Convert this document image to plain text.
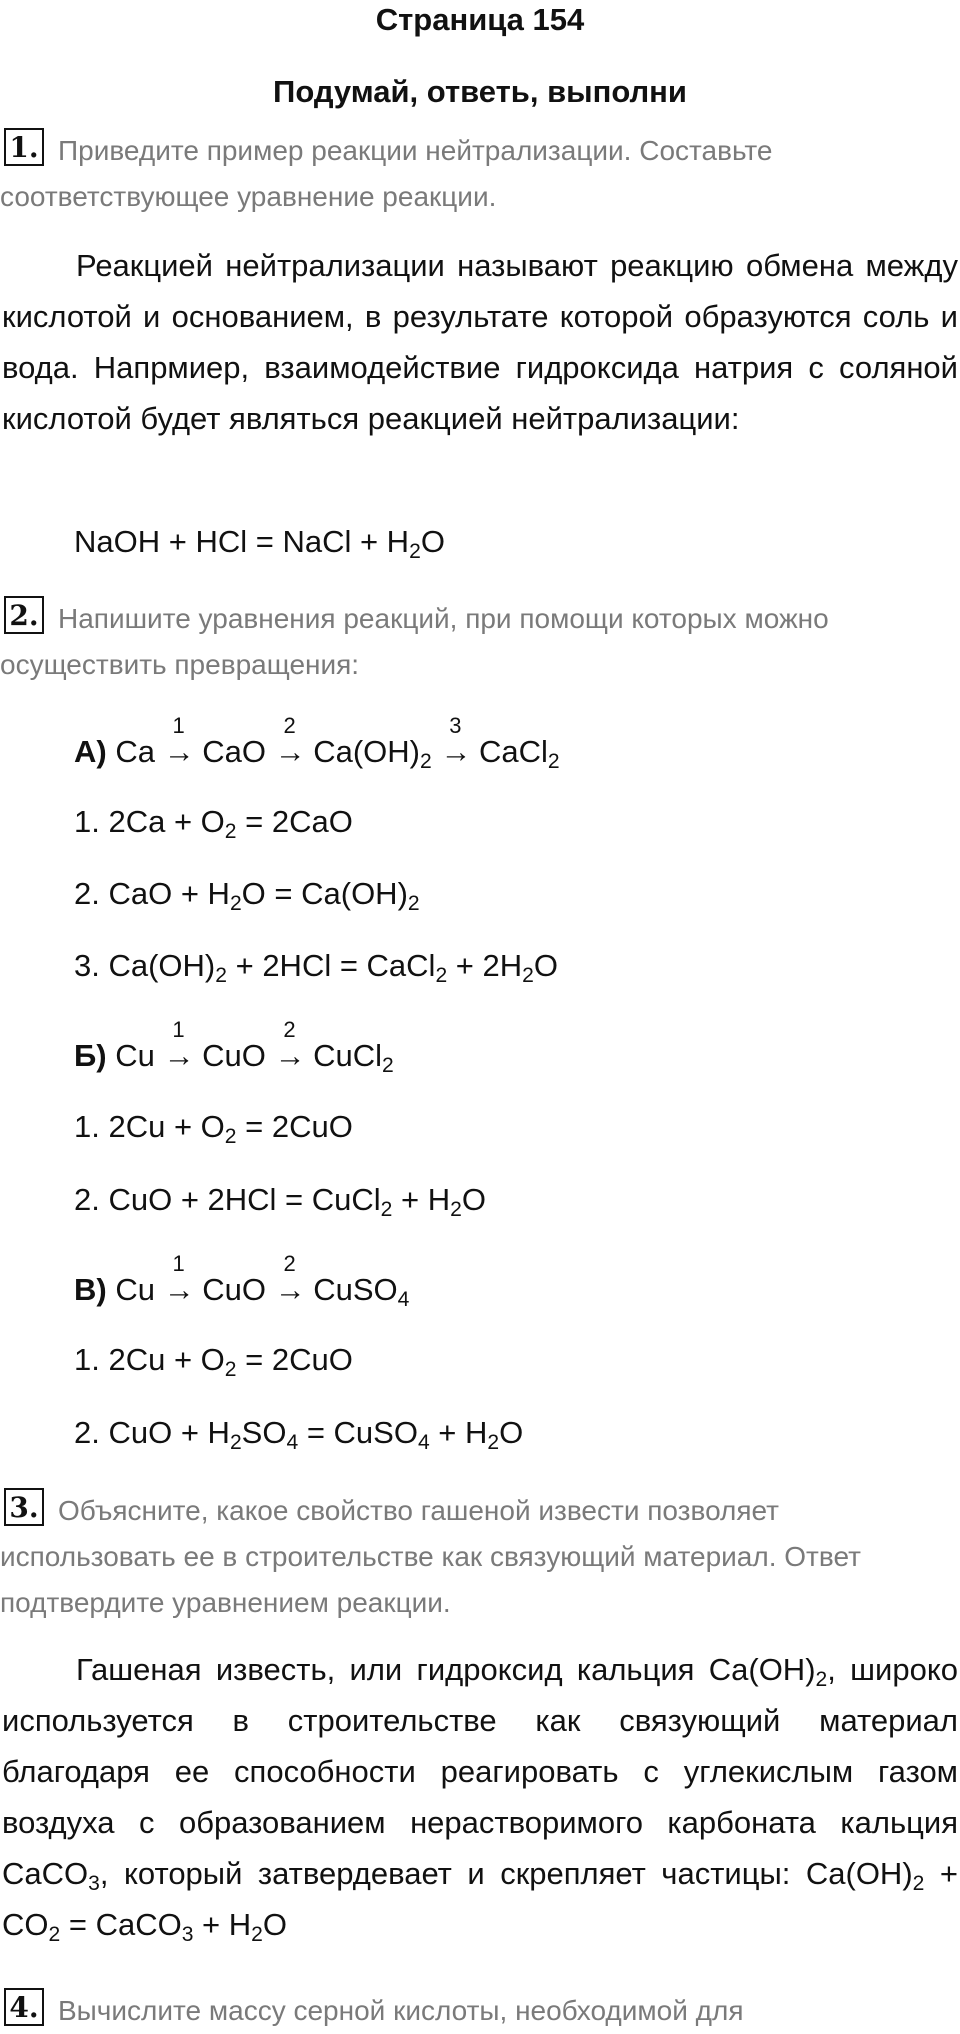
Страница 154
Подумай, ответь, выполни
1. Приведите пример реакции нейтрализации. Составьте соответствующее уравнение реакции.
Реакцией нейтрализации называют реакцию обмена между кислотой и основанием, в результате которой образуются соль и вода. Напрмиер, взаимодействие гидроксида натрия с соляной кислотой будет являться реакцией нейтрализации:
NaOH + HCl = NaCl + $H_2O$
2. Напишите уравнения реакций, при помощи которых можно осуществить превращения:
А) Ca
1
→ CaO
2
→ $Ca(OH)_2$
3
→ CaCl$_2$
1. $2Ca + O_2 = 2CaO$
2. CaO + $H_2O = Ca(OH)_2$
3. $Ca(OH)_2 + 2HCl$ = CaCl$_2$ + $2H_2O$
Б) Cu
1
→ CuO
2
→ CuCl$_2$
1. $2Cu + O_2 = 2CuO$
2. CuO + 2HCl = CuCl$_2$ + $H_2O$
В) Cu
1
→ CuO
2
→ CuSO$_4$
1. $2Cu + O_2 = 2CuO$
2. CuO + $H_2SO_4$ = CuSO$_4$ + $H_2O$
3. Объясните, какое свойство гашеной извести позволяет использовать ее в строительстве как связующий материал. Ответ подтвердите уравнением реакции.
Гашеная известь, или гидроксид кальция $Ca(OH)_2$, широко используется в строительстве как связующий материал благодаря ее способности реагировать с углекислым газом воздуха с образованием нерастворимого карбоната кальция CaCO$_3$, который затвердевает и скрепляет частицы: $Ca(OH)_2 + CO_2$ = CaCO$_3$ + $H_2O$
4. Вычислите массу серной кислоты, необходимой для
